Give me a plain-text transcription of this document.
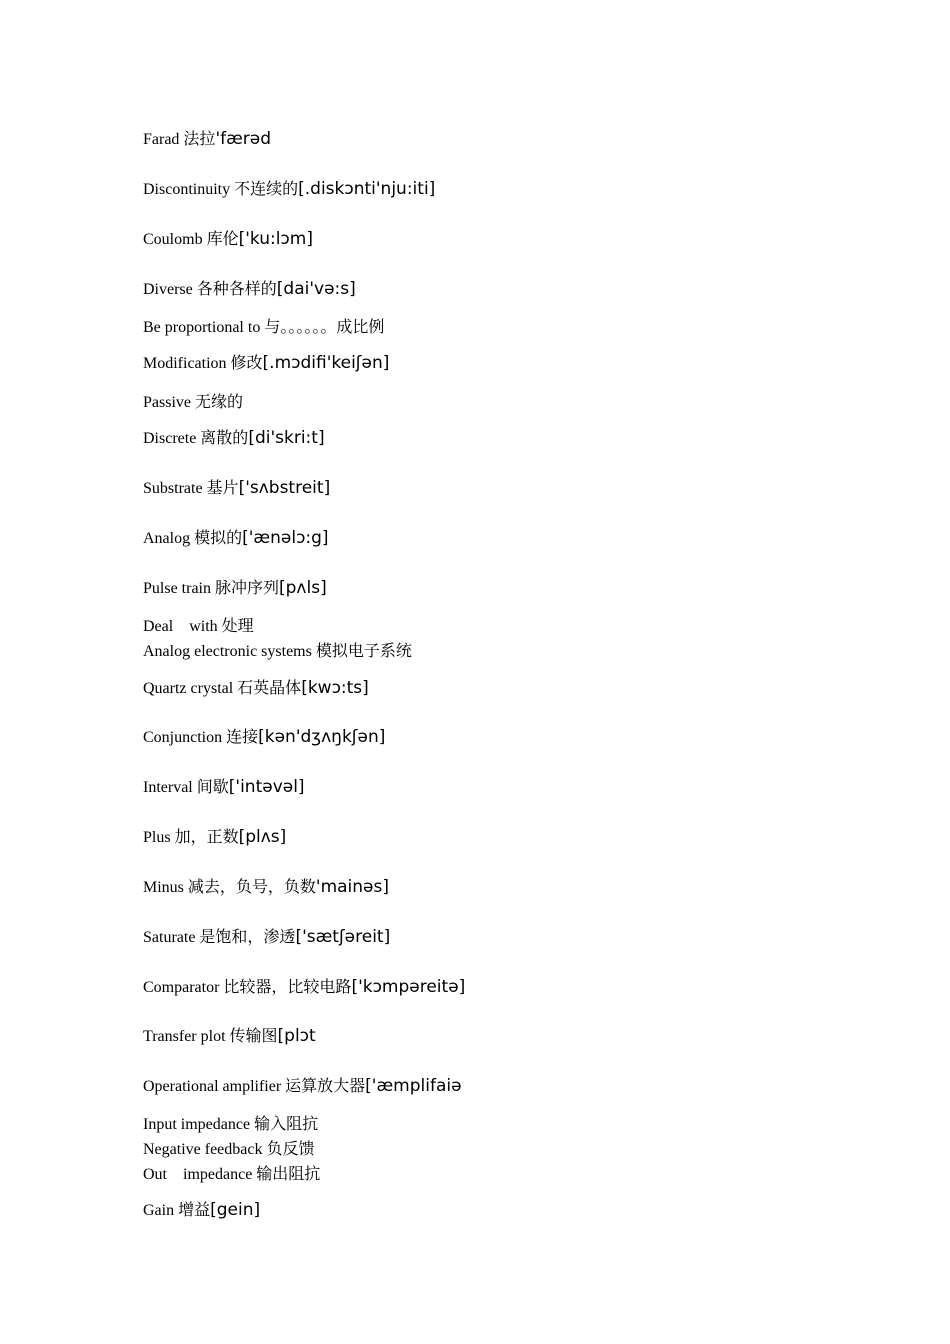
Farad 法拉'færəd
Discontinuity 不连续的[.diskɔnti'nju:iti]
Coulomb 库伦['ku:lɔm]
Diverse 各种各样的[dai'və:s]
Be proportional to 与。。。。。。成比例
Modification 修改[.mɔdifi'keiʃən]
Passive 无缘的
Discrete 离散的[di'skri:t]
Substrate 基片['sʌbstreit]
Analog 模拟的['ænəlɔ:g]
Pulse train 脉冲序列[pʌls]
Deal    with 处理
Analog electronic systems 模拟电子系统
Quartz crystal 石英晶体[kwɔ:ts]
Conjunction 连接[kən'dʒʌŋkʃən]
Interval 间歇['intəvəl]
Plus 加，正数[plʌs]
Minus 减去，负号，负数'mainəs]
Saturate 是饱和，渗透['sætʃəreit]
Comparator 比较器，比较电路['kɔmpəreitə]
Transfer plot 传输图[plɔt
Operational amplifier 运算放大器['æmplifaiə
Input impedance 输入阻抗
Negative feedback 负反馈
Out    impedance 输出阻抗
Gain 增益[gein]
